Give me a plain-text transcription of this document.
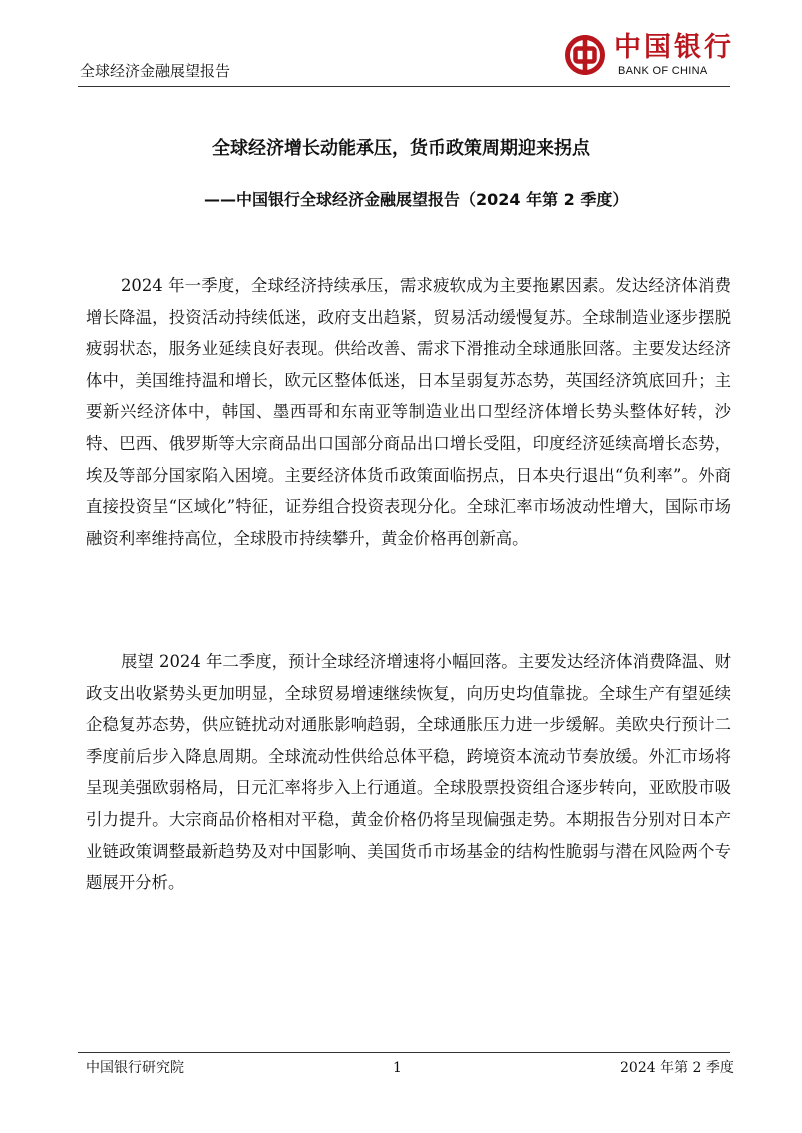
全球经济金融展望报告
中国银行
BANK OF CHINA
全球经济增长动能承压，货币政策周期迎来拐点
——中国银行全球经济金融展望报告（2024 年第 2 季度）

2024 年一季度，全球经济持续承压，需求疲软成为主要拖累因素。发达经济体消费增长降温，投资活动持续低迷，政府支出趋紧，贸易活动缓慢复苏。全球制造业逐步摆脱疲弱状态，服务业延续良好表现。供给改善、需求下滑推动全球通胀回落。主要发达经济体中，美国维持温和增长，欧元区整体低迷，日本呈弱复苏态势，英国经济筑底回升；主要新兴经济体中，韩国、墨西哥和东南亚等制造业出口型经济体增长势头整体好转，沙特、巴西、俄罗斯等大宗商品出口国部分商品出口增长受阻，印度经济延续高增长态势，埃及等部分国家陷入困境。主要经济体货币政策面临拐点，日本央行退出“负利率”。外商直接投资呈“区域化”特征，证券组合投资表现分化。全球汇率市场波动性增大，国际市场融资利率维持高位，全球股市持续攀升，黄金价格再创新高。

展望 2024 年二季度，预计全球经济增速将小幅回落。主要发达经济体消费降温、财政支出收紧势头更加明显，全球贸易增速继续恢复，向历史均值靠拢。全球生产有望延续企稳复苏态势，供应链扰动对通胀影响趋弱，全球通胀压力进一步缓解。美欧央行预计二季度前后步入降息周期。全球流动性供给总体平稳，跨境资本流动节奏放缓。外汇市场将呈现美强欧弱格局，日元汇率将步入上行通道。全球股票投资组合逐步转向，亚欧股市吸引力提升。大宗商品价格相对平稳，黄金价格仍将呈现偏强走势。本期报告分别对日本产业链政策调整最新趋势及对中国影响、美国货币市场基金的结构性脆弱与潜在风险两个专题展开分析。

中国银行研究院	1	2024 年第 2 季度
